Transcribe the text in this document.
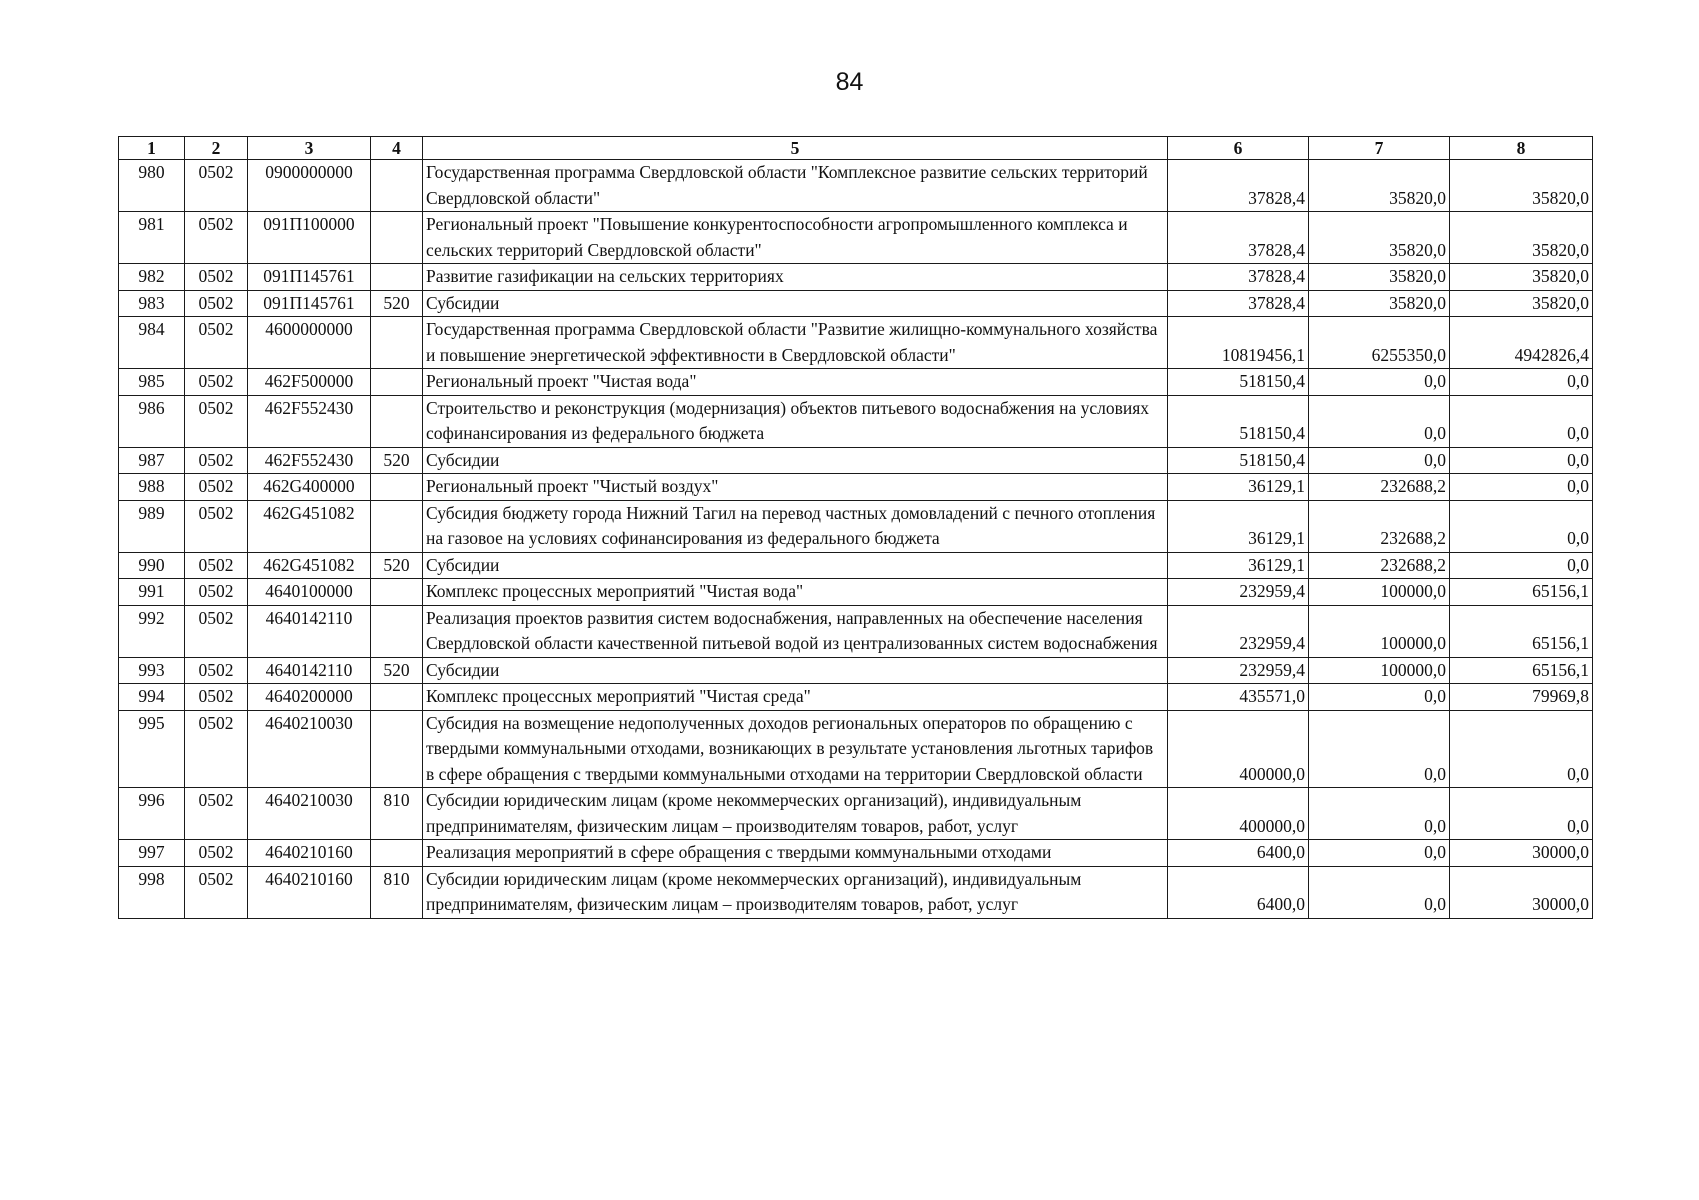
84
1	2	3	4	5	6	7	8
980	0502	0900000000		Государственная программа Свердловской области "Комплексное развитие сельских территорий Свердловской области"	37828,4	35820,0	35820,0
981	0502	091П100000		Региональный проект "Повышение конкурентоспособности агропромышленного комплекса и сельских территорий Свердловской области"	37828,4	35820,0	35820,0
982	0502	091П145761		Развитие газификации на сельских территориях	37828,4	35820,0	35820,0
983	0502	091П145761	520	Субсидии	37828,4	35820,0	35820,0
984	0502	4600000000		Государственная программа Свердловской области "Развитие жилищно-коммунального хозяйства и повышение энергетической эффективности в Свердловской области"	10819456,1	6255350,0	4942826,4
985	0502	462F500000		Региональный проект "Чистая вода"	518150,4	0,0	0,0
986	0502	462F552430		Строительство и реконструкция (модернизация) объектов питьевого водоснабжения на условиях софинансирования из федерального бюджета	518150,4	0,0	0,0
987	0502	462F552430	520	Субсидии	518150,4	0,0	0,0
988	0502	462G400000		Региональный проект "Чистый воздух"	36129,1	232688,2	0,0
989	0502	462G451082		Субсидия бюджету города Нижний Тагил на перевод частных домовладений с печного отопления на газовое на условиях софинансирования из федерального бюджета	36129,1	232688,2	0,0
990	0502	462G451082	520	Субсидии	36129,1	232688,2	0,0
991	0502	4640100000		Комплекс процессных мероприятий "Чистая вода"	232959,4	100000,0	65156,1
992	0502	4640142110		Реализация проектов развития систем водоснабжения, направленных на обеспечение населения Свердловской области качественной питьевой водой из централизованных систем водоснабжения	232959,4	100000,0	65156,1
993	0502	4640142110	520	Субсидии	232959,4	100000,0	65156,1
994	0502	4640200000		Комплекс процессных мероприятий "Чистая среда"	435571,0	0,0	79969,8
995	0502	4640210030		Субсидия на возмещение недополученных доходов региональных операторов по обращению с твердыми коммунальными отходами, возникающих в результате установления льготных тарифов в сфере обращения с твердыми коммунальными отходами на территории Свердловской области	400000,0	0,0	0,0
996	0502	4640210030	810	Субсидии юридическим лицам (кроме некоммерческих организаций), индивидуальным предпринимателям, физическим лицам – производителям товаров, работ, услуг	400000,0	0,0	0,0
997	0502	4640210160		Реализация мероприятий в сфере обращения с твердыми коммунальными отходами	6400,0	0,0	30000,0
998	0502	4640210160	810	Субсидии юридическим лицам (кроме некоммерческих организаций), индивидуальным предпринимателям, физическим лицам – производителям товаров, работ, услуг	6400,0	0,0	30000,0
